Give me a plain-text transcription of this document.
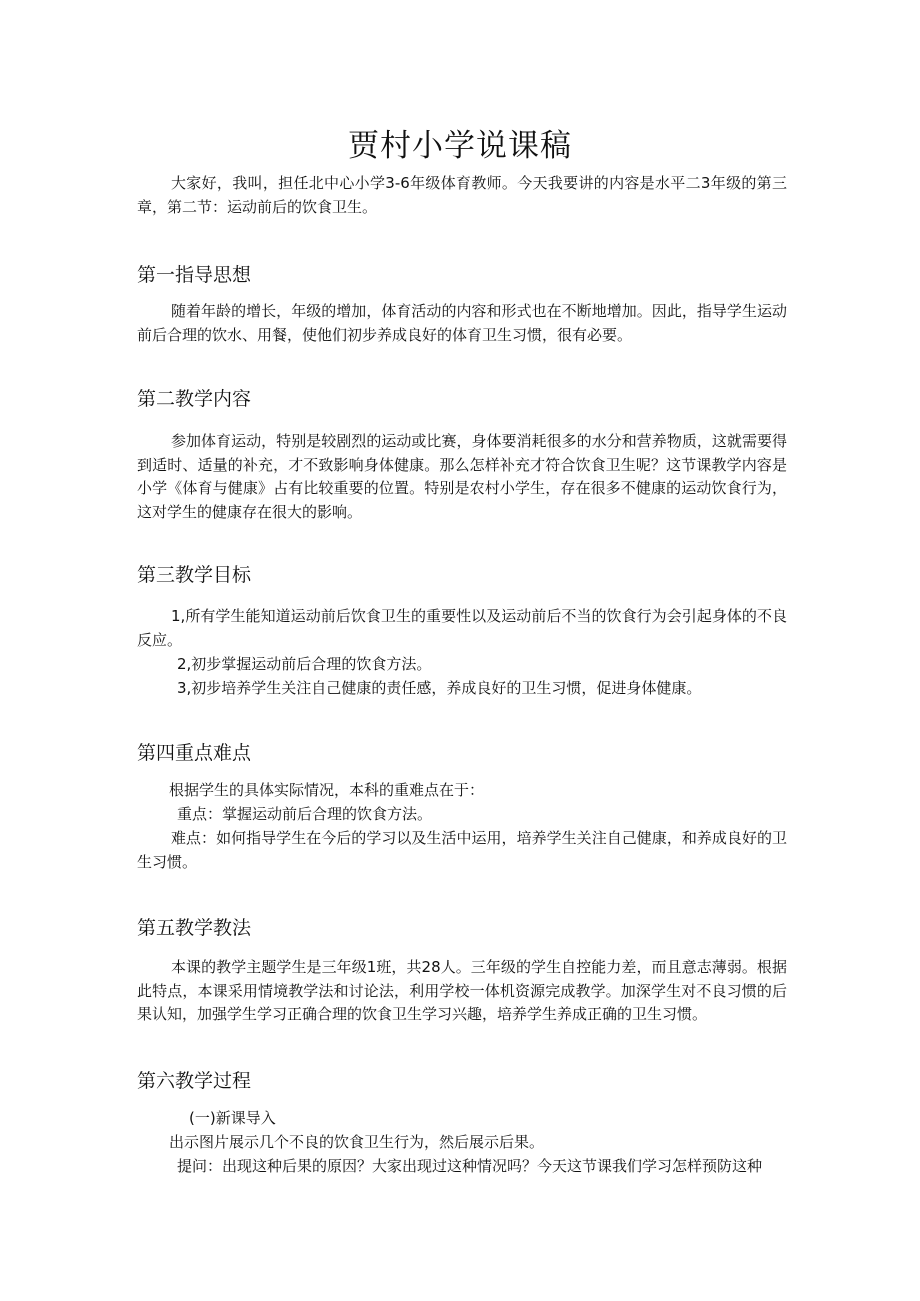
贾村小学说课稿
大家好，我叫，担任北中心小学3-6年级体育教师。今天我要讲的内容是水平二3年级的第三章，第二节：运动前后的饮食卫生。
第一指导思想
随着年龄的增长，年级的增加，体育活动的内容和形式也在不断地增加。因此，指导学生运动前后合理的饮水、用餐，使他们初步养成良好的体育卫生习惯，很有必要。
第二教学内容
参加体育运动，特别是较剧烈的运动或比赛，身体要消耗很多的水分和营养物质，这就需要得到适时、适量的补充，才不致影响身体健康。那么怎样补充才符合饮食卫生呢？这节课教学内容是小学《体育与健康》占有比较重要的位置。特别是农村小学生，存在很多不健康的运动饮食行为，这对学生的健康存在很大的影响。
第三教学目标
1,所有学生能知道运动前后饮食卫生的重要性以及运动前后不当的饮食行为会引起身体的不良反应。
2,初步掌握运动前后合理的饮食方法。
3,初步培养学生关注自己健康的责任感，养成良好的卫生习惯，促进身体健康。
第四重点难点
根据学生的具体实际情况，本科的重难点在于：
重点：掌握运动前后合理的饮食方法。
难点：如何指导学生在今后的学习以及生活中运用，培养学生关注自己健康，和养成良好的卫生习惯。
第五教学教法
本课的教学主题学生是三年级1班，共28人。三年级的学生自控能力差，而且意志薄弱。根据此特点，本课采用情境教学法和讨论法，利用学校一体机资源完成教学。加深学生对不良习惯的后果认知，加强学生学习正确合理的饮食卫生学习兴趣，培养学生养成正确的卫生习惯。
第六教学过程
(一)新课导入
出示图片展示几个不良的饮食卫生行为，然后展示后果。
提问：出现这种后果的原因？大家出现过这种情况吗？今天这节课我们学习怎样预防这种
